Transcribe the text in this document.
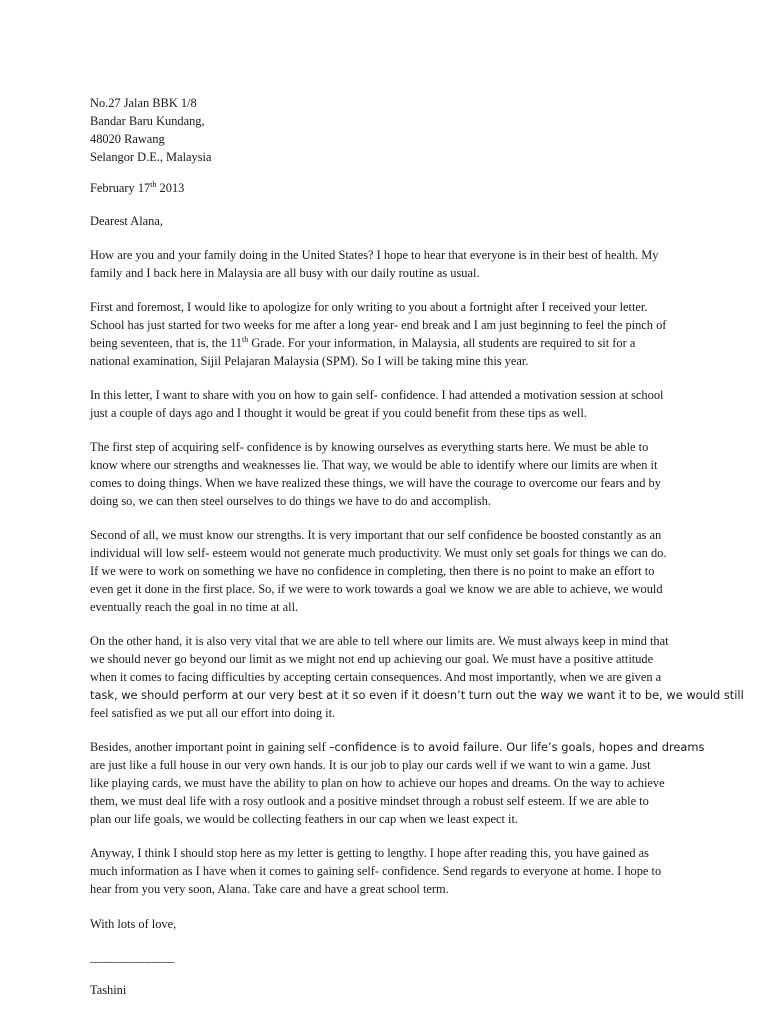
No.27 Jalan BBK 1/8
Bandar Baru Kundang,
48020 Rawang
Selangor D.E., Malaysia

February 17th 2013

Dearest Alana,

How are you and your family doing in the United States? I hope to hear that everyone is in their best of health. My
family and I back here in Malaysia are all busy with our daily routine as usual.

First and foremost, I would like to apologize for only writing to you about a fortnight after I received your letter.
School has just started for two weeks for me after a long year- end break and I am just beginning to feel the pinch of
being seventeen, that is, the 11th Grade. For your information, in Malaysia, all students are required to sit for a
national examination, Sijil Pelajaran Malaysia (SPM). So I will be taking mine this year.

In this letter, I want to share with you on how to gain self- confidence. I had attended a motivation session at school
just a couple of days ago and I thought it would be great if you could benefit from these tips as well.

The first step of acquiring self- confidence is by knowing ourselves as everything starts here. We must be able to
know where our strengths and weaknesses lie. That way, we would be able to identify where our limits are when it
comes to doing things. When we have realized these things, we will have the courage to overcome our fears and by
doing so, we can then steel ourselves to do things we have to do and accomplish.

Second of all, we must know our strengths. It is very important that our self confidence be boosted constantly as an
individual will low self- esteem would not generate much productivity. We must only set goals for things we can do.
If we were to work on something we have no confidence in completing, then there is no point to make an effort to
even get it done in the first place. So, if we were to work towards a goal we know we are able to achieve, we would
eventually reach the goal in no time at all.

On the other hand, it is also very vital that we are able to tell where our limits are. We must always keep in mind that
we should never go beyond our limit as we might not end up achieving our goal. We must have a positive attitude
when it comes to facing difficulties by accepting certain consequences. And most importantly, when we are given a
task, we should perform at our very best at it so even if it doesn’t turn out the way we want it to be, we would still
feel satisfied as we put all our effort into doing it.

Besides, another important point in gaining self –confidence is to avoid failure. Our life’s goals, hopes and dreams
are just like a full house in our very own hands. It is our job to play our cards well if we want to win a game. Just
like playing cards, we must have the ability to plan on how to achieve our hopes and dreams. On the way to achieve
them, we must deal life with a rosy outlook and a positive mindset through a robust self esteem. If we are able to
plan our life goals, we would be collecting feathers in our cap when we least expect it.

Anyway, I think I should stop here as my letter is getting to lengthy. I hope after reading this, you have gained as
much information as I have when it comes to gaining self- confidence. Send regards to everyone at home. I hope to
hear from you very soon, Alana. Take care and have a great school term.

With lots of love,

________________

Tashini
